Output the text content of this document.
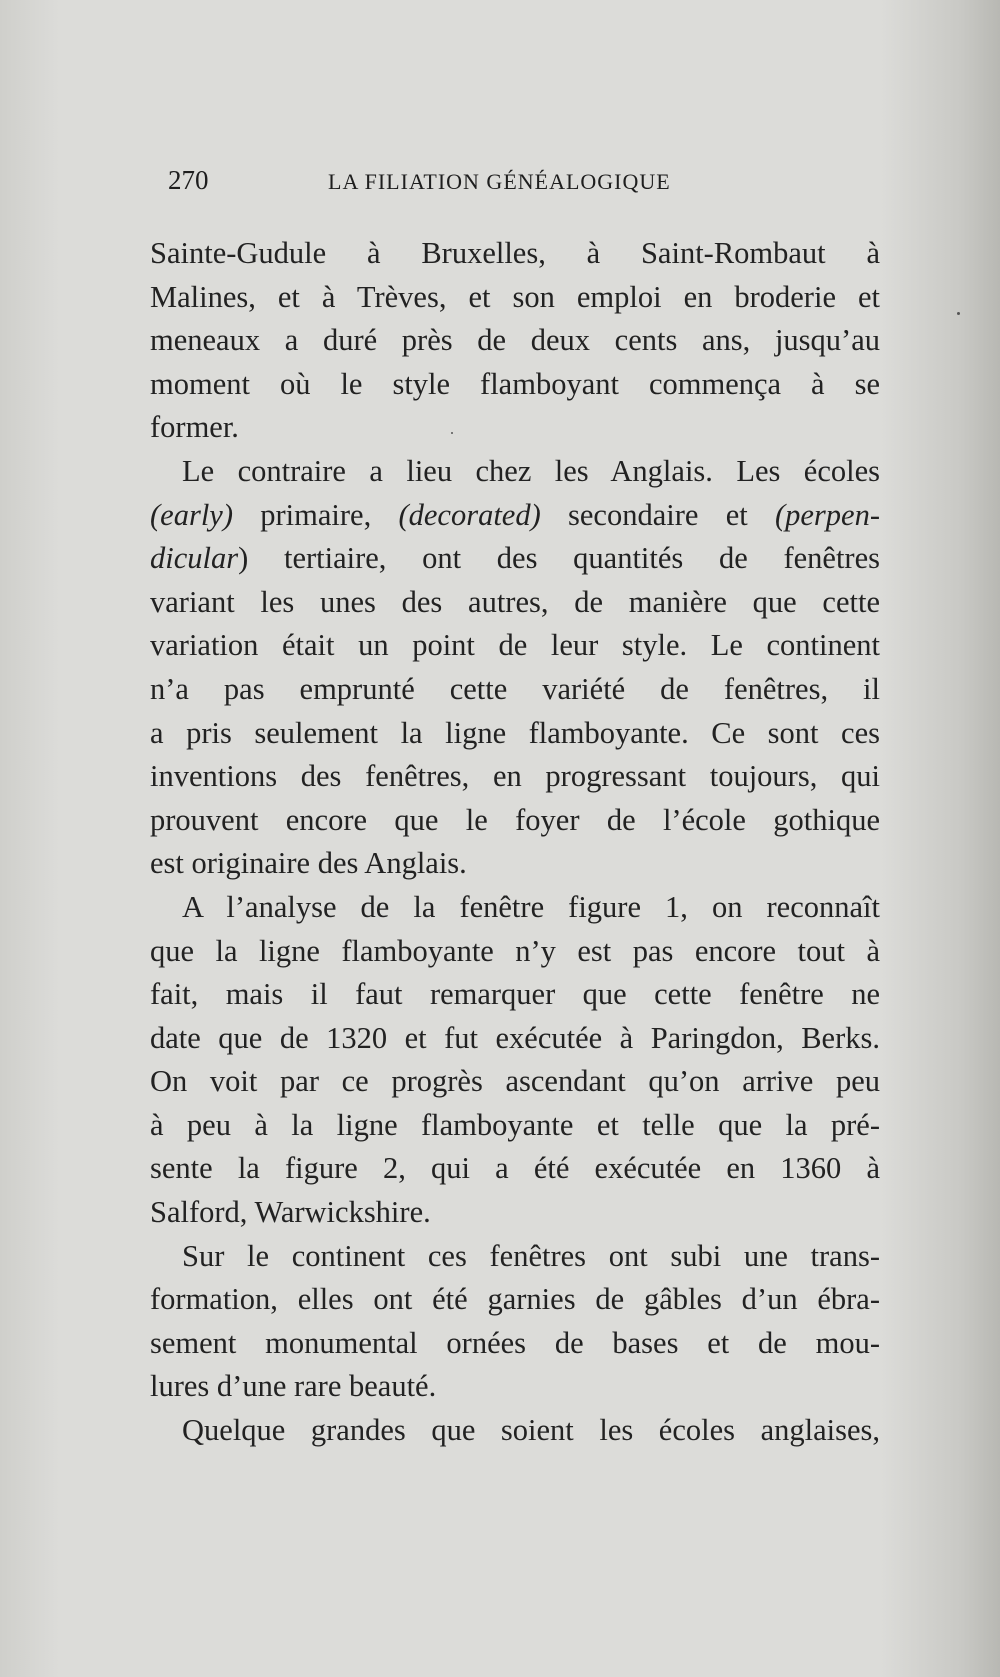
270	LA FILIATION GÉNÉALOGIQUE
Sainte-Gudule à Bruxelles, à Saint-Rombaut à
Malines, et à Trèves, et son emploi en broderie et
meneaux a duré près de deux cents ans, jusqu’au
moment où le style flamboyant commença à se
former.
Le contraire a lieu chez les Anglais. Les écoles
(early) primaire, (decorated) secondaire et (perpen-
dicular) tertiaire, ont des quantités de fenêtres
variant les unes des autres, de manière que cette
variation était un point de leur style. Le continent
n’a pas emprunté cette variété de fenêtres, il
a pris seulement la ligne flamboyante. Ce sont ces
inventions des fenêtres, en progressant toujours, qui
prouvent encore que le foyer de l’école gothique
est originaire des Anglais.
A l’analyse de la fenêtre figure 1, on reconnaît
que la ligne flamboyante n’y est pas encore tout à
fait, mais il faut remarquer que cette fenêtre ne
date que de 1320 et fut exécutée à Paringdon, Berks.
On voit par ce progrès ascendant qu’on arrive peu
à peu à la ligne flamboyante et telle que la pré-
sente la figure 2, qui a été exécutée en 1360 à
Salford, Warwickshire.
Sur le continent ces fenêtres ont subi une trans-
formation, elles ont été garnies de gâbles d’un ébra-
sement monumental ornées de bases et de mou-
lures d’une rare beauté.
Quelque grandes que soient les écoles anglaises,
